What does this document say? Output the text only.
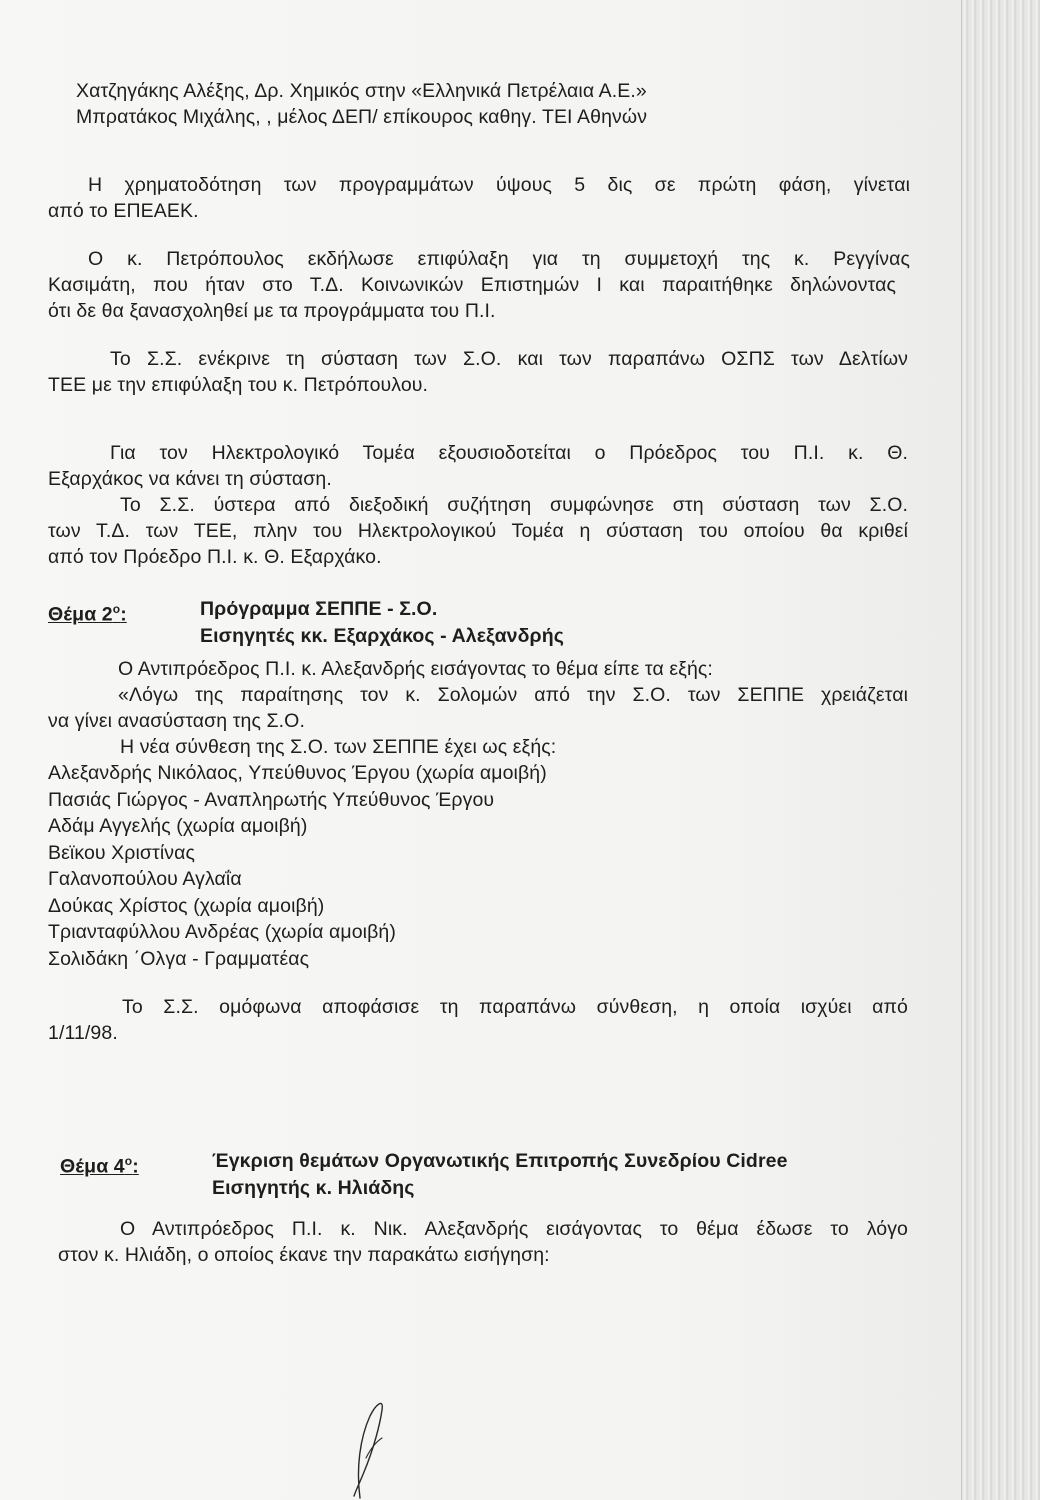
Χατζηγάκης Αλέξης, Δρ. Χημικός στην «Ελληνικά Πετρέλαια Α.Ε.»
Μπρατάκος Μιχάλης, , μέλος ΔΕΠ/ επίκουρος καθηγ. ΤΕΙ Αθηνών
Η χρηματοδότηση των προγραμμάτων ύψους 5 δις σε πρώτη φάση, γίνεται
από το ΕΠΕΑΕΚ.
Ο κ. Πετρόπουλος εκδήλωσε επιφύλαξη για τη συμμετοχή της κ. Ρεγγίνας
Κασιμάτη, που ήταν στο Τ.Δ. Κοινωνικών Επιστημών Ι και παραιτήθηκε δηλώνοντας
ότι δε θα ξανασχοληθεί με τα προγράμματα του Π.Ι.
Το Σ.Σ. ενέκρινε τη σύσταση των Σ.Ο. και των παραπάνω ΟΣΠΣ των Δελτίων
ΤΕΕ με την επιφύλαξη του κ. Πετρόπουλου.
Για τον Ηλεκτρολογικό Τομέα εξουσιοδοτείται ο Πρόεδρος του Π.Ι. κ. Θ.
Εξαρχάκος να κάνει τη σύσταση.
Το Σ.Σ. ύστερα από διεξοδική συζήτηση συμφώνησε στη σύσταση των Σ.Ο.
των Τ.Δ. των ΤΕΕ, πλην του Ηλεκτρολογικού Τομέα η σύσταση του οποίου θα κριθεί
από τον Πρόεδρο Π.Ι. κ. Θ. Εξαρχάκο.
Θέμα $2^o$:	Πρόγραμμα ΣΕΠΠΕ - Σ.Ο.
Εισηγητές κκ. Εξαρχάκος - Αλεξανδρής
Ο Αντιπρόεδρος Π.Ι. κ. Αλεξανδρής εισάγοντας το θέμα είπε τα εξής:
«Λόγω της παραίτησης τον κ. Σολομών από την Σ.Ο. των ΣΕΠΠΕ χρειάζεται
να γίνει ανασύσταση της Σ.Ο.
Η νέα σύνθεση της Σ.Ο. των ΣΕΠΠΕ έχει ως εξής:
Αλεξανδρής Νικόλαος, Υπεύθυνος Έργου (χωρία αμοιβή)
Πασιάς Γιώργος - Αναπληρωτής Υπεύθυνος Έργου
Αδάμ Αγγελής (χωρία αμοιβή)
Βεϊκου Χριστίνας
Γαλανοπούλου Αγλαΐα
Δούκας Χρίστος (χωρία αμοιβή)
Τριανταφύλλου Ανδρέας (χωρία αμοιβή)
Σολιδάκη ΄Ολγα - Γραμματέας
Το Σ.Σ. ομόφωνα αποφάσισε τη παραπάνω σύνθεση, η οποία ισχύει από
1/11/98.
Θέμα $4^o$:	Έγκριση θεμάτων Οργανωτικής Επιτροπής Συνεδρίου Cidree
Εισηγητής κ. Ηλιάδης
Ο Αντιπρόεδρος Π.Ι. κ. Νικ. Αλεξανδρής εισάγοντας το θέμα έδωσε το λόγο
στον κ. Ηλιάδη, ο οποίος έκανε την παρακάτω εισήγηση:
